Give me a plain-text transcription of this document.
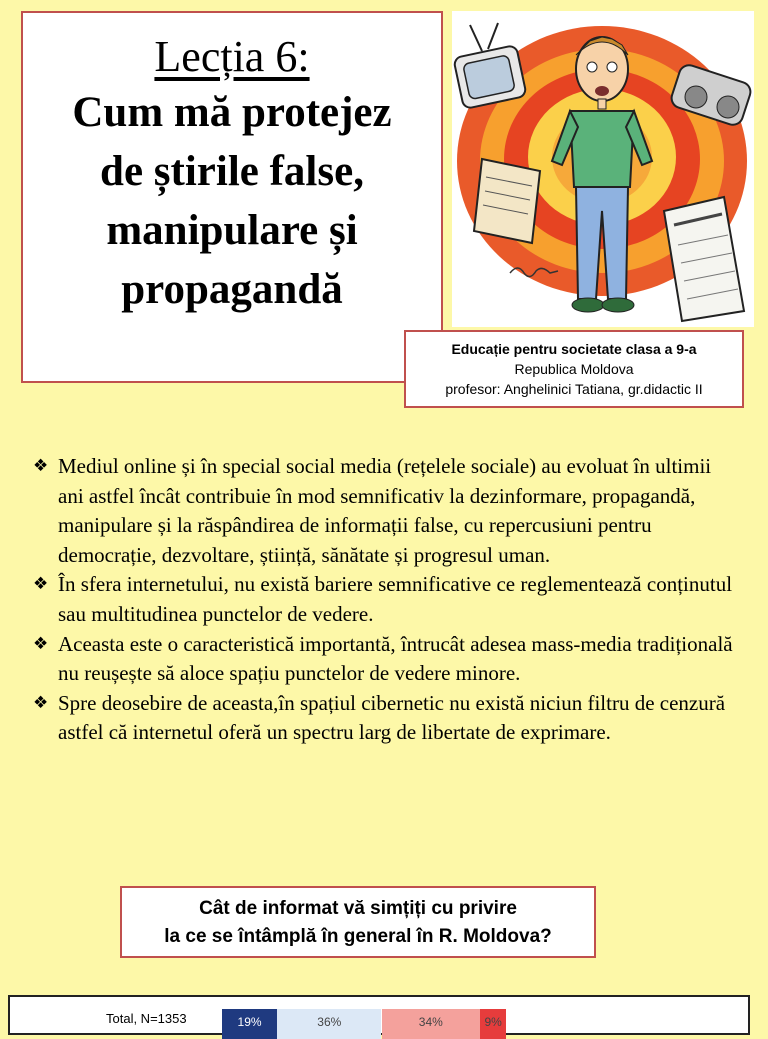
Lecția 6:
Cum mă protejez
de știrile false,
manipulare și
propagandă
Educație pentru societate clasa a 9-a
Republica Moldova
profesor: Anghelinici Tatiana, gr.didactic II
❖ Mediul online și în special social media (rețelele sociale) au evoluat în ultimii ani astfel încât contribuie în mod semnificativ la dezinformare, propagandă, manipulare și la răspândirea de informații false, cu repercusiuni pentru democrație, dezvoltare, știință, sănătate și progresul uman.
❖ În sfera internetului, nu există bariere semnificative ce reglementează conținutul sau multitudinea punctelor de vedere.
❖ Aceasta este o caracteristică importantă, întrucât adesea mass-media tradițională nu reușește să aloce spațiu punctelor de vedere minore.
❖ Spre deosebire de aceasta,în spațiul cibernetic nu există niciun filtru de cenzură astfel că internetul oferă un spectru larg de libertate de exprimare.
Cât de informat vă simțiți cu privire
la ce se întâmplă în general în R. Moldova?
Total, N=1353	19%	36%	34%	9%
